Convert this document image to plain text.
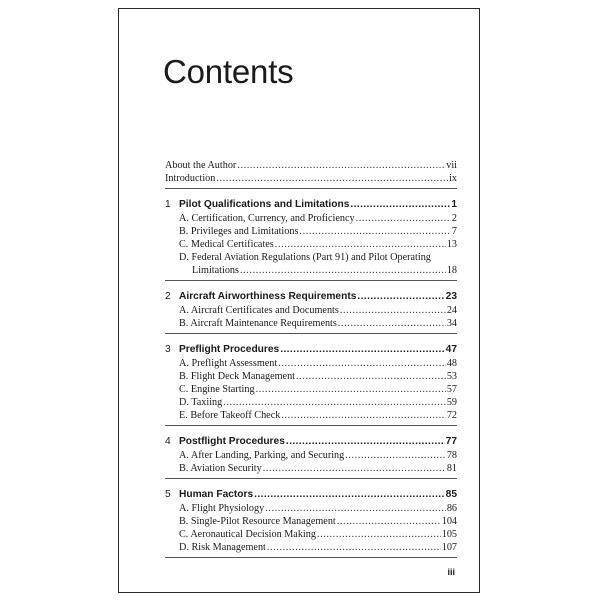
Contents
About the Author .....	vii
Introduction .....	ix
1 Pilot Qualifications and Limitations .....	1
A. Certification, Currency, and Proficiency .....	2
B. Privileges and Limitations .....	7
C. Medical Certificates .....	13
D. Federal Aviation Regulations (Part 91) and Pilot Operating
Limitations .....	18
2 Aircraft Airworthiness Requirements .....	23
A. Aircraft Certificates and Documents .....	24
B. Aircraft Maintenance Requirements .....	34
3 Preflight Procedures .....	47
A. Preflight Assessment .....	48
B. Flight Deck Management .....	53
C. Engine Starting .....	57
D. Taxiing .....	59
E. Before Takeoff Check .....	72
4 Postflight Procedures .....	77
A. After Landing, Parking, and Securing .....	78
B. Aviation Security .....	81
5 Human Factors .....	85
A. Flight Physiology .....	86
B. Single-Pilot Resource Management .....	104
C. Aeronautical Decision Making .....	105
D. Risk Management .....	107
iii
